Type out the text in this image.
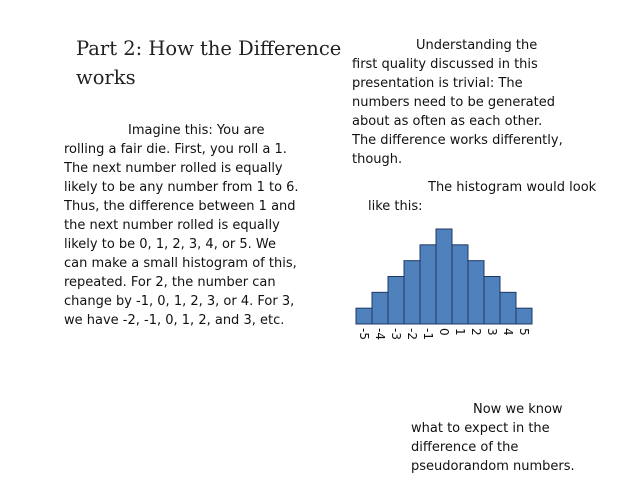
Part 2: How the Difference
works
Imagine this: You are
rolling a fair die. First, you roll a 1.
The next number rolled is equally
likely to be any number from 1 to 6.
Thus, the difference between 1 and
the next number rolled is equally
likely to be 0, 1, 2, 3, 4, or 5. We
can make a small histogram of this,
repeated. For 2, the number can
change by -1, 0, 1, 2, 3, or 4. For 3,
we have -2, -1, 0, 1, 2, and 3, etc.
Understanding the
first quality discussed in this
presentation is trivial: The
numbers need to be generated
about as often as each other.
The difference works differently,
though.
The histogram would look
like this:
-5 -4 -3 -2 -1 0 1 2 3 4 5
Now we know
what to expect in the
difference of the
pseudorandom numbers.
